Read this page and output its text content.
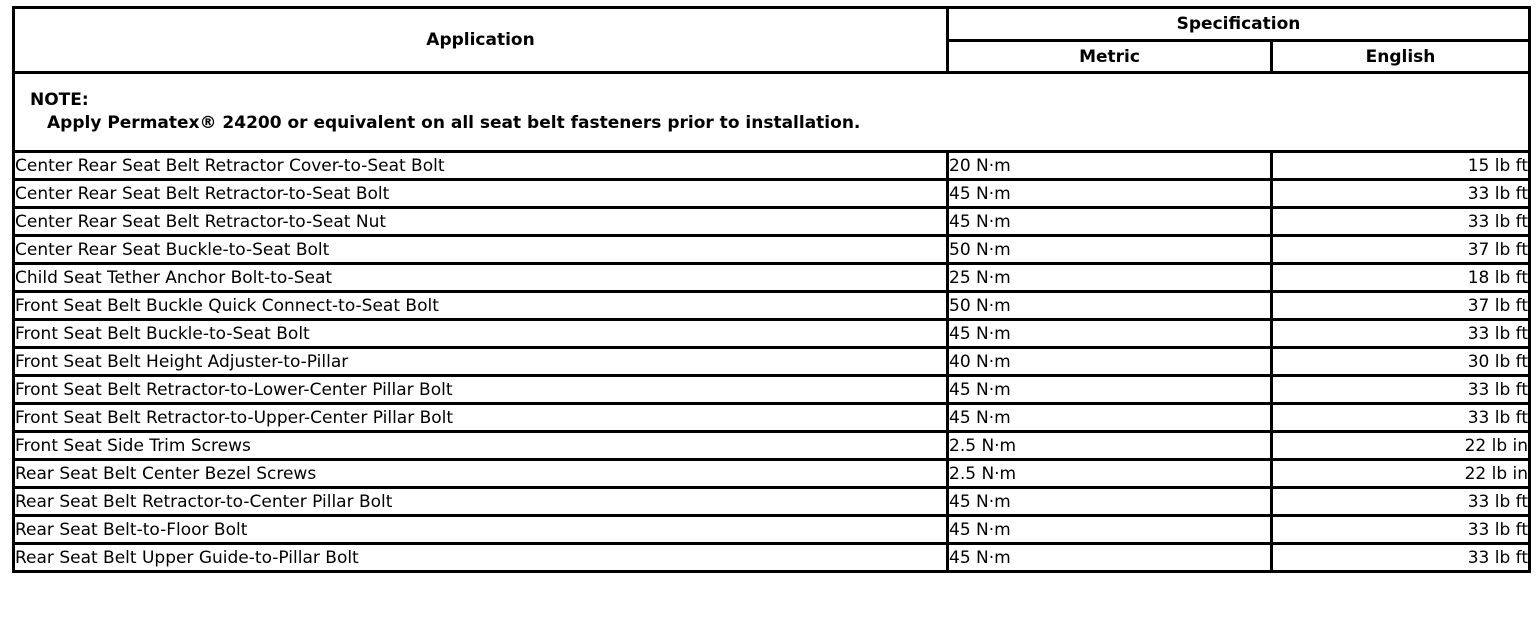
Application	Specification	
	Metric	English

NOTE:
Apply Permatex® 24200 or equivalent on all seat belt fasteners prior to installation.		

Center Rear Seat Belt Retractor Cover-to-Seat Bolt	20 N·m	15 lb ft
Center Rear Seat Belt Retractor-to-Seat Bolt	45 N·m	33 lb ft
Center Rear Seat Belt Retractor-to-Seat Nut	45 N·m	33 lb ft
Center Rear Seat Buckle-to-Seat Bolt	50 N·m	37 lb ft
Child Seat Tether Anchor Bolt-to-Seat	25 N·m	18 lb ft
Front Seat Belt Buckle Quick Connect-to-Seat Bolt	50 N·m	37 lb ft
Front Seat Belt Buckle-to-Seat Bolt	45 N·m	33 lb ft
Front Seat Belt Height Adjuster-to-Pillar	40 N·m	30 lb ft
Front Seat Belt Retractor-to-Lower-Center Pillar Bolt	45 N·m	33 lb ft
Front Seat Belt Retractor-to-Upper-Center Pillar Bolt	45 N·m	33 lb ft
Front Seat Side Trim Screws	2.5 N·m	22 lb in
Rear Seat Belt Center Bezel Screws	2.5 N·m	22 lb in
Rear Seat Belt Retractor-to-Center Pillar Bolt	45 N·m	33 lb ft
Rear Seat Belt-to-Floor Bolt	45 N·m	33 lb ft
Rear Seat Belt Upper Guide-to-Pillar Bolt	45 N·m	33 lb ft
